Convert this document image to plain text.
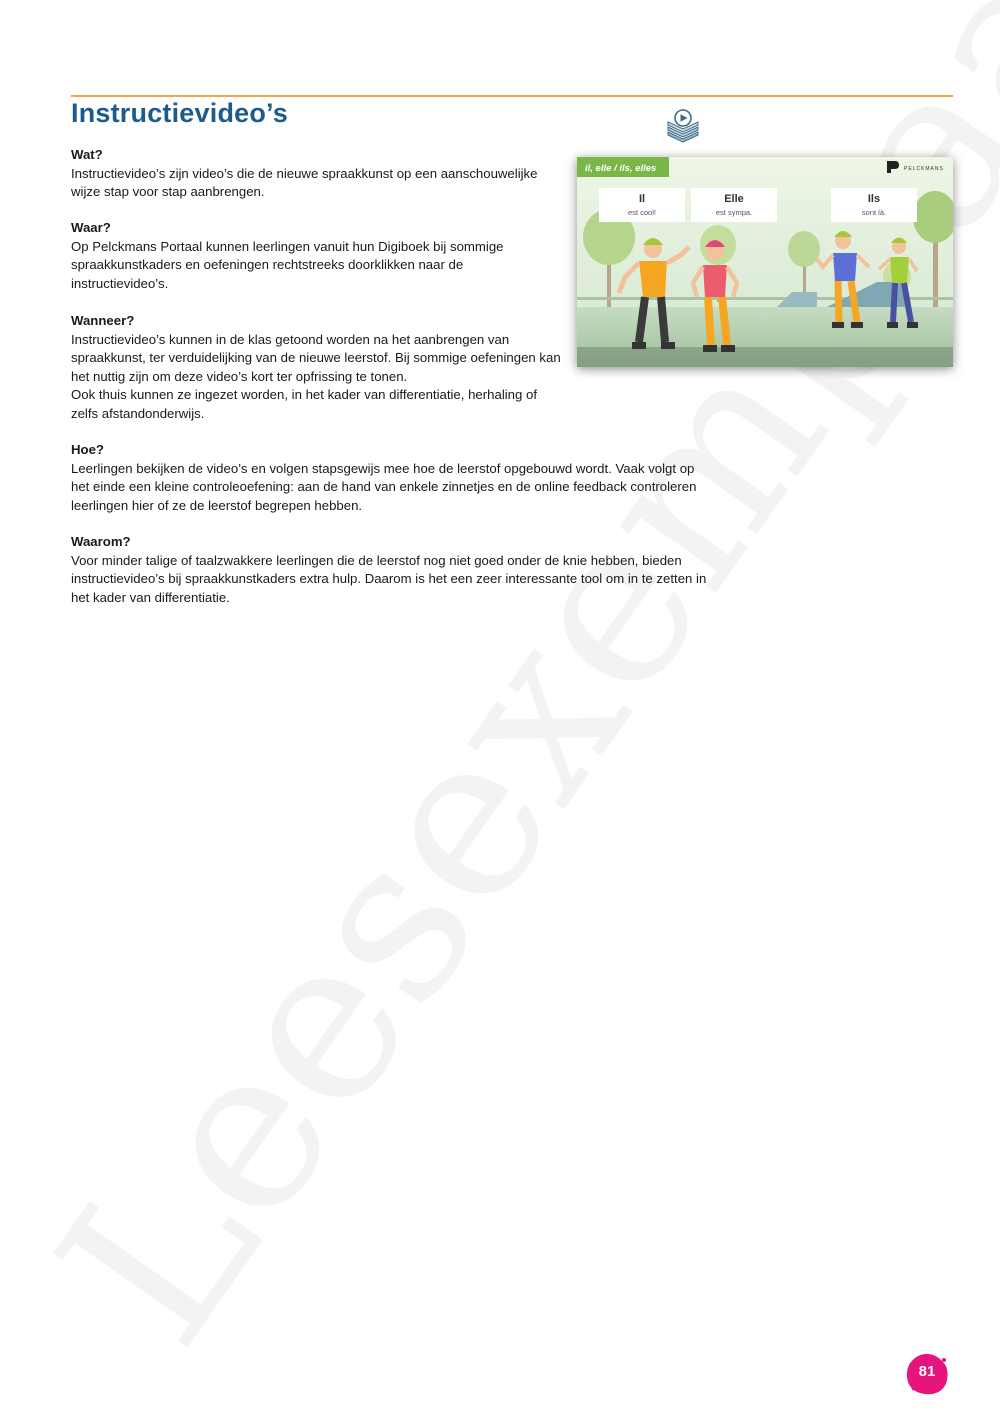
Instructievideo’s
il, elle / ils, elles	PELCKMANS
Il
est cool!
Elle
est sympa.
Ils
sont là.
Wat?

Instructievideo’s zijn video’s die de nieuwe spraakkunst op een aanschouwelijke wijze stap voor stap aanbrengen.

Waar?

Op Pelckmans Portaal kunnen leerlingen vanuit hun Digiboek bij sommige spraakkunstkaders en oefeningen rechtstreeks doorklikken naar de instructievideo’s.

Wanneer?

Instructievideo’s kunnen in de klas getoond worden na het aanbrengen van spraakkunst, ter verduidelijking van de nieuwe leerstof. Bij sommige oefeningen kan het nuttig zijn om deze video’s kort ter opfrissing te tonen.

Ook thuis kunnen ze ingezet worden, in het kader van differentiatie, herhaling of zelfs afstandonderwijs.

Hoe?

Leerlingen bekijken de video’s en volgen stapsgewijs mee hoe de leerstof opgebouwd wordt. Vaak volgt op het einde een kleine controleoefening: aan de hand van enkele zinnetjes en de online feedback controleren leerlingen hier of ze de leerstof begrepen hebben.

Waarom?

Voor minder talige of taalzwakkere leerlingen die de leerstof nog niet goed onder de knie hebben, bieden instructievideo’s bij spraakkunstkaders extra hulp. Daarom is het een zeer interessante tool om in te zetten in het kader van differentiatie.

81
